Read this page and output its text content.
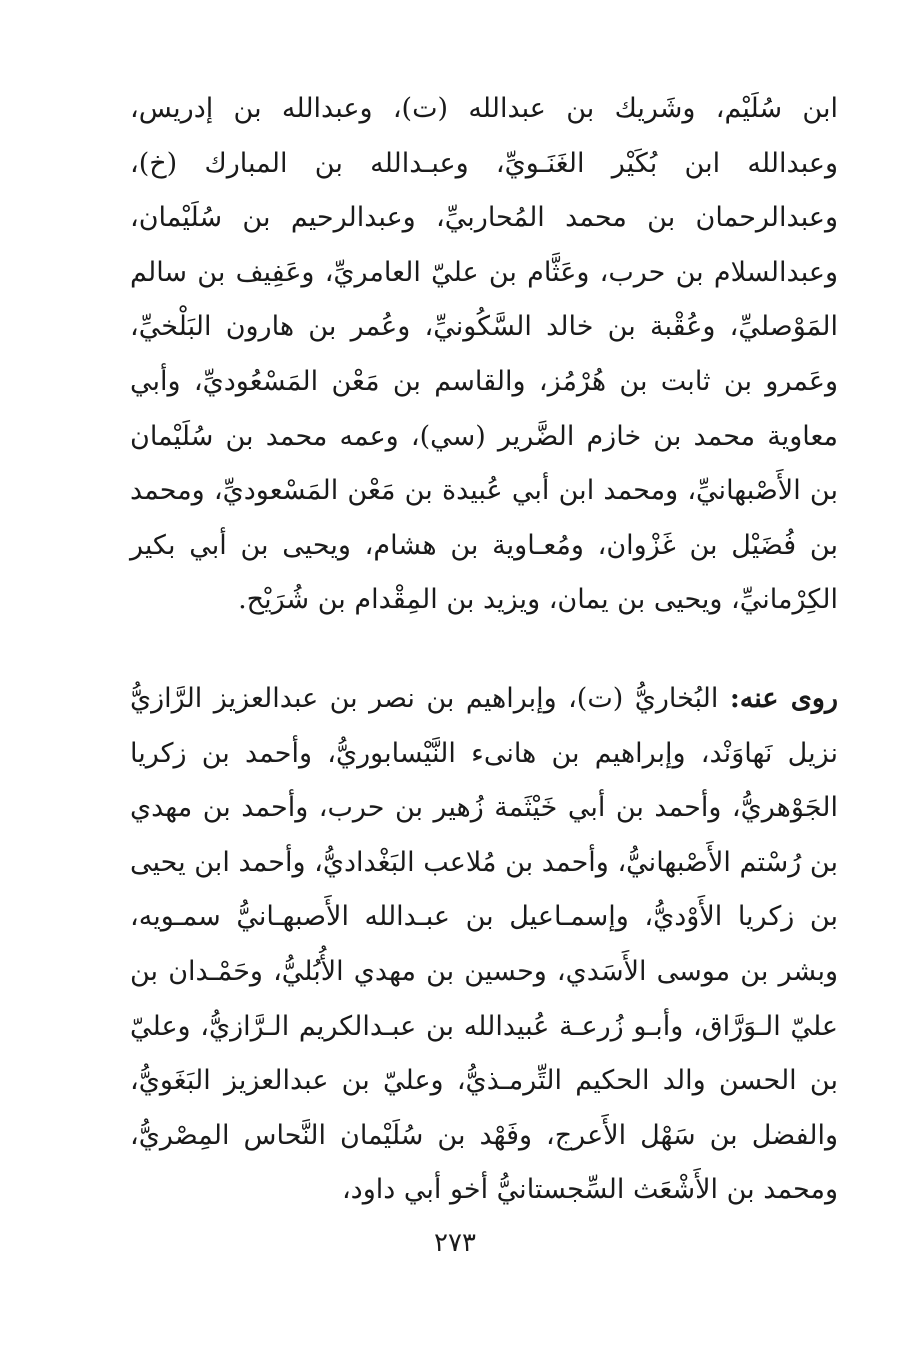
ابن سُلَيْم، وشَريك بن عبدالله (ت)، وعبدالله بن إدريس، وعبدالله ابن بُكَيْر الغَنَـويِّ، وعبـدالله بن المبارك (خ)، وعبدالرحمان بن محمد المُحاربيِّ، وعبدالرحيم بن سُلَيْمان، وعبدالسلام بن حرب، وعَثَّام بن عليّ العامريِّ، وعَفِيف بن سالم المَوْصليِّ، وعُقْبة بن خالد السَّكُونيِّ، وعُمر بن هارون البَلْخيِّ، وعَمرو بن ثابت بن هُرْمُز، والقاسم بن مَعْن المَسْعُوديِّ، وأبي معاوية محمد بن خازم الضَّرير (سي)، وعمه محمد بن سُلَيْمان بن الأَصْبهانيِّ، ومحمد ابن أبي عُبيدة بن مَعْن المَسْعوديِّ، ومحمد بن فُضَيْل بن غَزْوان، ومُعـاوية بن هشام، ويحيى بن أبي بكير الكِرْمانيِّ، ويحيى بن يمان، ويزيد بن المِقْدام بن شُرَيْح.

روى عنه: البُخاريُّ (ت)، وإبراهيم بن نصر بن عبدالعزيز الرَّازيُّ نزيل نَهاوَنْد، وإبراهيم بن هانىء النَّيْسابوريُّ، وأحمد بن زكريا الجَوْهريُّ، وأحمد بن أبي خَيْثَمة زُهير بن حرب، وأحمد بن مهدي بن رُسْتم الأَصْبهانيُّ، وأحمد بن مُلاعب البَغْداديُّ، وأحمد ابن يحيى بن زكريا الأَوْديُّ، وإسمـاعيل بن عبـدالله الأَصبهـانيُّ سمـويه، وبشر بن موسى الأَسَدي، وحسين بن مهدي الأُبُليُّ، وحَمْـدان بن عليّ الـوَرَّاق، وأبـو زُرعـة عُبيدالله بن عبـدالكريم الـرَّازيُّ، وعليّ بن الحسن والد الحكيم التِّرمـذيُّ، وعليّ بن عبدالعزيز البَغَويُّ، والفضل بن سَهْل الأَعرج، وفَهْد بن سُلَيْمان النَّحاس المِصْريُّ، ومحمد بن الأَشْعَث السِّجستانيُّ أخو أبي داود،

٢٧٣
